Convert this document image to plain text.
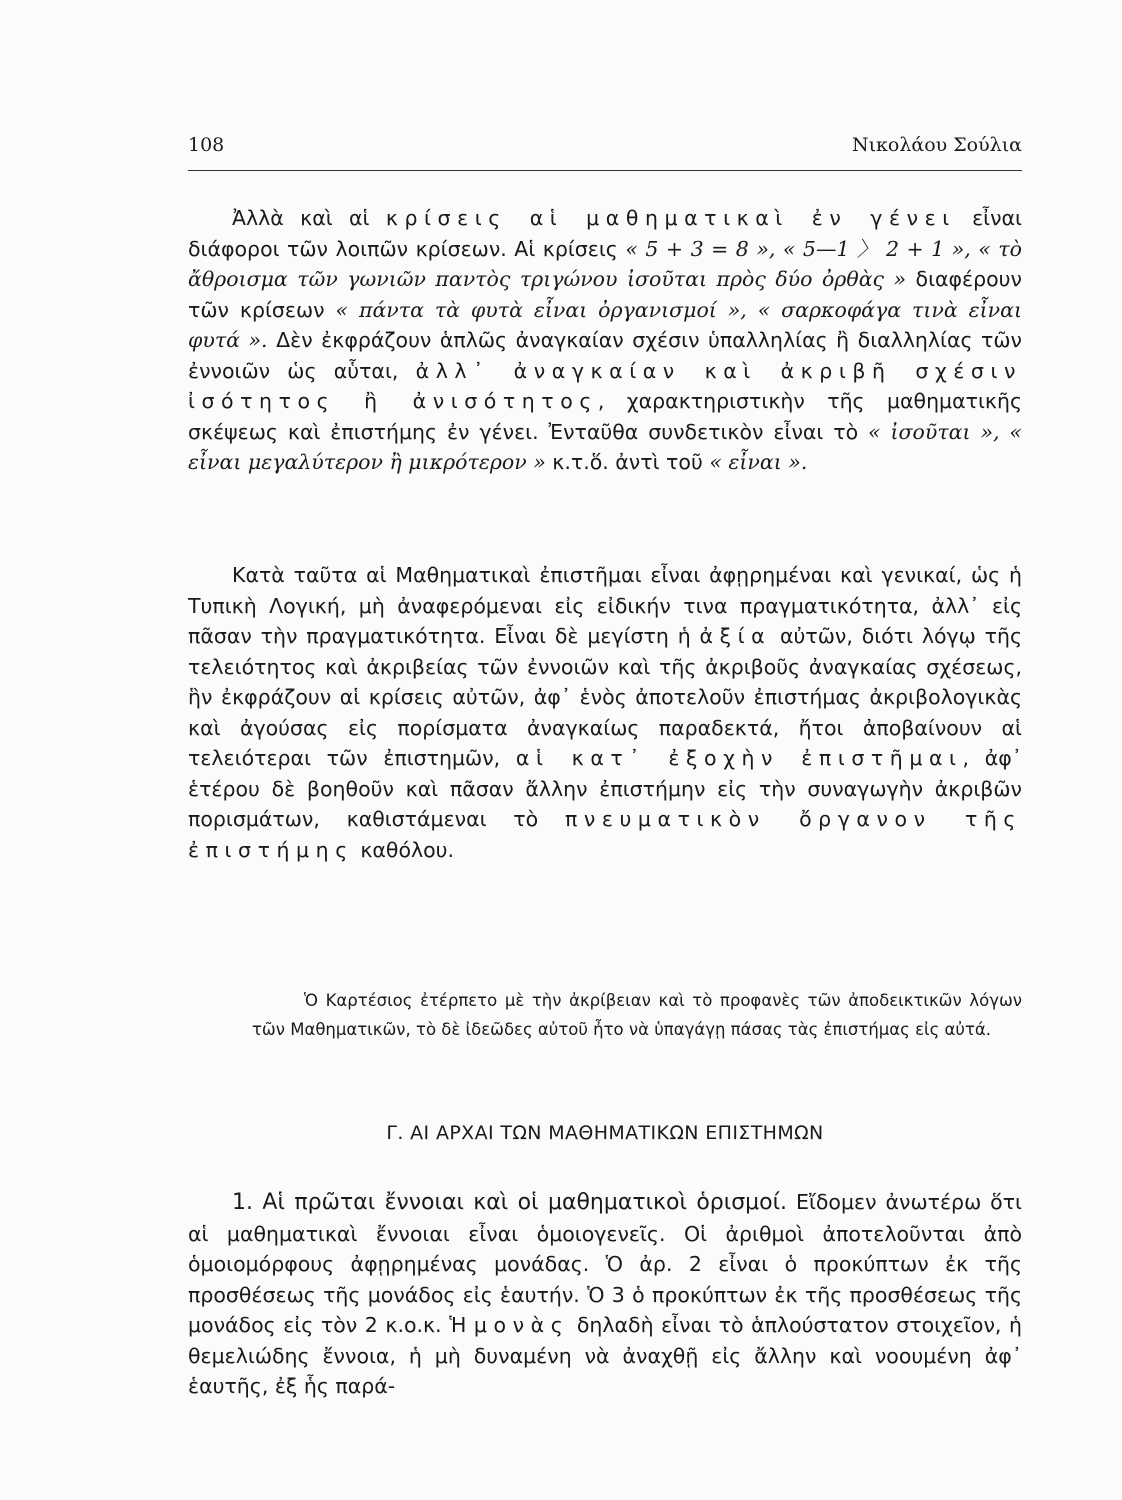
108	Νικολάου Σούλια

Ἀλλὰ καὶ αἱ κρίσεις αἱ μαθηματικαὶ ἐν γένει εἶναι διάφοροι τῶν λοιπῶν κρίσεων. Αἱ κρίσεις « 5 + 3 = 8 », « 5—1 〉 2 + 1 », « τὸ ἄθροισμα τῶν γωνιῶν παντὸς τριγώνου ἰσοῦται πρὸς δύο ὀρθὰς » διαφέρουν τῶν κρίσεων « πάντα τὰ φυτὰ εἶναι ὀργανισμοί », « σαρκοφάγα τινὰ εἶναι φυτά ». Δὲν ἐκφράζουν ἁπλῶς ἀναγκαίαν σχέσιν ὑπαλληλίας ἢ διαλληλίας τῶν ἐννοιῶν ὡς αὗται, ἀλλ᾽ ἀναγκαίαν καὶ ἀκριβῆ σχέσιν ἰσότητος ἢ ἀνισότητος, χαρακτηριστικὴν τῆς μαθηματικῆς σκέψεως καὶ ἐπιστήμης ἐν γένει. Ἐνταῦθα συνδετικὸν εἶναι τὸ « ἰσοῦται », « εἶναι μεγαλύτερον ἢ μικρότερον » κ.τ.ὅ. ἀντὶ τοῦ « εἶναι ».

Κατὰ ταῦτα αἱ Μαθηματικαὶ ἐπιστῆμαι εἶναι ἀφῃρημέναι καὶ γενικαί, ὡς ἡ Τυπικὴ Λογική, μὴ ἀναφερόμεναι εἰς εἰδικήν τινα πραγματικότητα, ἀλλ᾽ εἰς πᾶσαν τὴν πραγματικότητα. Εἶναι δὲ μεγίστη ἡ ἀξία αὐτῶν, διότι λόγῳ τῆς τελειότητος καὶ ἀκριβείας τῶν ἐννοιῶν καὶ τῆς ἀκριβοῦς ἀναγκαίας σχέσεως, ἣν ἐκφράζουν αἱ κρίσεις αὐτῶν, ἀφ᾽ ἑνὸς ἀποτελοῦν ἐπιστήμας ἀκριβολογικὰς καὶ ἀγούσας εἰς πορίσματα ἀναγκαίως παραδεκτά, ἤτοι ἀποβαίνουν αἱ τελειότεραι τῶν ἐπιστημῶν, αἱ κατ᾽ ἐξοχὴν ἐπιστῆμαι, ἀφ᾽ ἑτέρου δὲ βοηθοῦν καὶ πᾶσαν ἄλλην ἐπιστήμην εἰς τὴν συναγωγὴν ἀκριβῶν πορισμάτων, καθιστάμεναι τὸ πνευματικὸν ὄργανον τῆς ἐπιστήμης καθόλου.

Ὁ Καρτέσιος ἐτέρπετο μὲ τὴν ἀκρίβειαν καὶ τὸ προφανὲς τῶν ἀποδεικτικῶν λόγων τῶν Μαθηματικῶν, τὸ δὲ ἰδεῶδες αὐτοῦ ἦτο νὰ ὑπαγάγῃ πάσας τὰς ἐπιστήμας εἰς αὐτά.

Γ. ΑΙ ΑΡΧΑΙ ΤΩΝ ΜΑΘΗΜΑΤΙΚΩΝ ΕΠΙΣΤΗΜΩΝ

1. Αἱ πρῶται ἔννοιαι καὶ οἱ μαθηματικοὶ ὁρισμοί. Εἴδομεν ἀνωτέρω ὅτι αἱ μαθηματικαὶ ἔννοιαι εἶναι ὁμοιογενεῖς. Οἱ ἀριθμοὶ ἀποτελοῦνται ἀπὸ ὁμοιομόρφους ἀφῃρημένας μονάδας. Ὁ ἀρ. 2 εἶναι ὁ προκύπτων ἐκ τῆς προσθέσεως τῆς μονάδος εἰς ἑαυτήν. Ὁ 3 ὁ προκύπτων ἐκ τῆς προσθέσεως τῆς μονάδος εἰς τὸν 2 κ.ο.κ. Ἡ μονὰς δηλαδὴ εἶναι τὸ ἁπλούστατον στοιχεῖον, ἡ θεμελιώδης ἔννοια, ἡ μὴ δυναμένη νὰ ἀναχθῇ εἰς ἄλλην καὶ νοουμένη ἀφ᾽ ἑαυτῆς, ἐξ ἧς παρά-
